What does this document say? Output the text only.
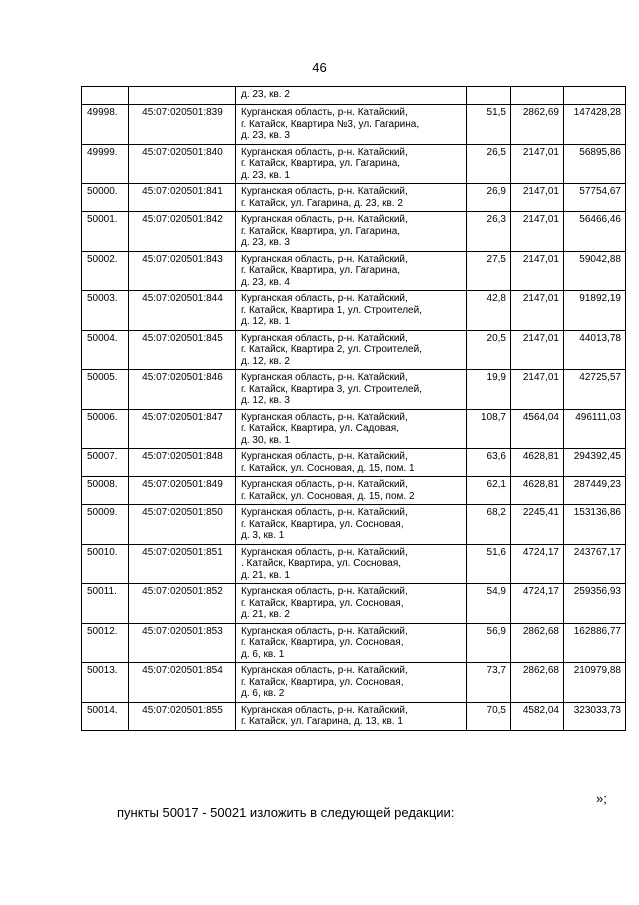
46

		д. 23, кв. 2			

49998.	45:07:020501:839	Курганская область, р-н. Катайский,
г. Катайск, Квартира №3, ул. Гагарина,
д. 23, кв. 3	51,5	2862,69	147428,28
49999.	45:07:020501:840	Курганская область, р-н. Катайский,
г. Катайск, Квартира, ул. Гагарина,
д. 23, кв. 1	26,5	2147,01	56895,86
50000.	45:07:020501:841	Курганская область, р-н. Катайский,
г. Катайск, ул. Гагарина, д. 23, кв. 2	26,9	2147,01	57754,67
50001.	45:07:020501:842	Курганская область, р-н. Катайский,
г. Катайск, Квартира, ул. Гагарина,
д. 23, кв. 3	26,3	2147,01	56466,46
50002.	45:07:020501:843	Курганская область, р-н. Катайский,
г. Катайск, Квартира, ул. Гагарина,
д. 23, кв. 4	27,5	2147,01	59042,88
50003.	45:07:020501:844	Курганская область, р-н. Катайский,
г. Катайск, Квартира 1, ул. Строителей,
д. 12, кв. 1	42,8	2147,01	91892,19
50004.	45:07:020501:845	Курганская область, р-н. Катайский,
г. Катайск, Квартира 2, ул. Строителей,
д. 12, кв. 2	20,5	2147,01	44013,78
50005.	45:07:020501:846	Курганская область, р-н. Катайский,
г. Катайск, Квартира 3, ул. Строителей,
д. 12, кв. 3	19,9	2147,01	42725,57
50006.	45:07:020501:847	Курганская область, р-н. Катайский,
г. Катайск, Квартира, ул. Садовая,
д. 30, кв. 1	108,7	4564,04	496111,03
50007.	45:07:020501:848	Курганская область, р-н. Катайский,
г. Катайск, ул. Сосновая, д. 15, пом. 1	63,6	4628,81	294392,45
50008.	45:07:020501:849	Курганская область, р-н. Катайский,
г. Катайск, ул. Сосновая, д. 15, пом. 2	62,1	4628,81	287449,23
50009.	45:07:020501:850	Курганская область, р-н. Катайский,
г. Катайск, Квартира, ул. Сосновая,
д. 3, кв. 1	68,2	2245,41	153136,86
50010.	45:07:020501:851	Курганская область, р-н. Катайский,
. Катайск, Квартира, ул. Сосновая,
д. 21, кв. 1	51,6	4724,17	243767,17
50011.	45:07:020501:852	Курганская область, р-н. Катайский,
г. Катайск, Квартира, ул. Сосновая,
д. 21, кв. 2	54,9	4724,17	259356,93
50012.	45:07:020501:853	Курганская область, р-н. Катайский,
г. Катайск, Квартира, ул. Сосновая,
д. 6, кв. 1	56,9	2862,68	162886,77
50013.	45:07:020501:854	Курганская область, р-н. Катайский,
г. Катайск, Квартира, ул. Сосновая,
д. 6, кв. 2	73,7	2862,68	210979,88
50014.	45:07:020501:855	Курганская область, р-н. Катайский,
г. Катайск, ул. Гагарина, д. 13, кв. 1	70,5	4582,04	323033,73
»;
пункты 50017 - 50021 изложить в следующей редакции:
